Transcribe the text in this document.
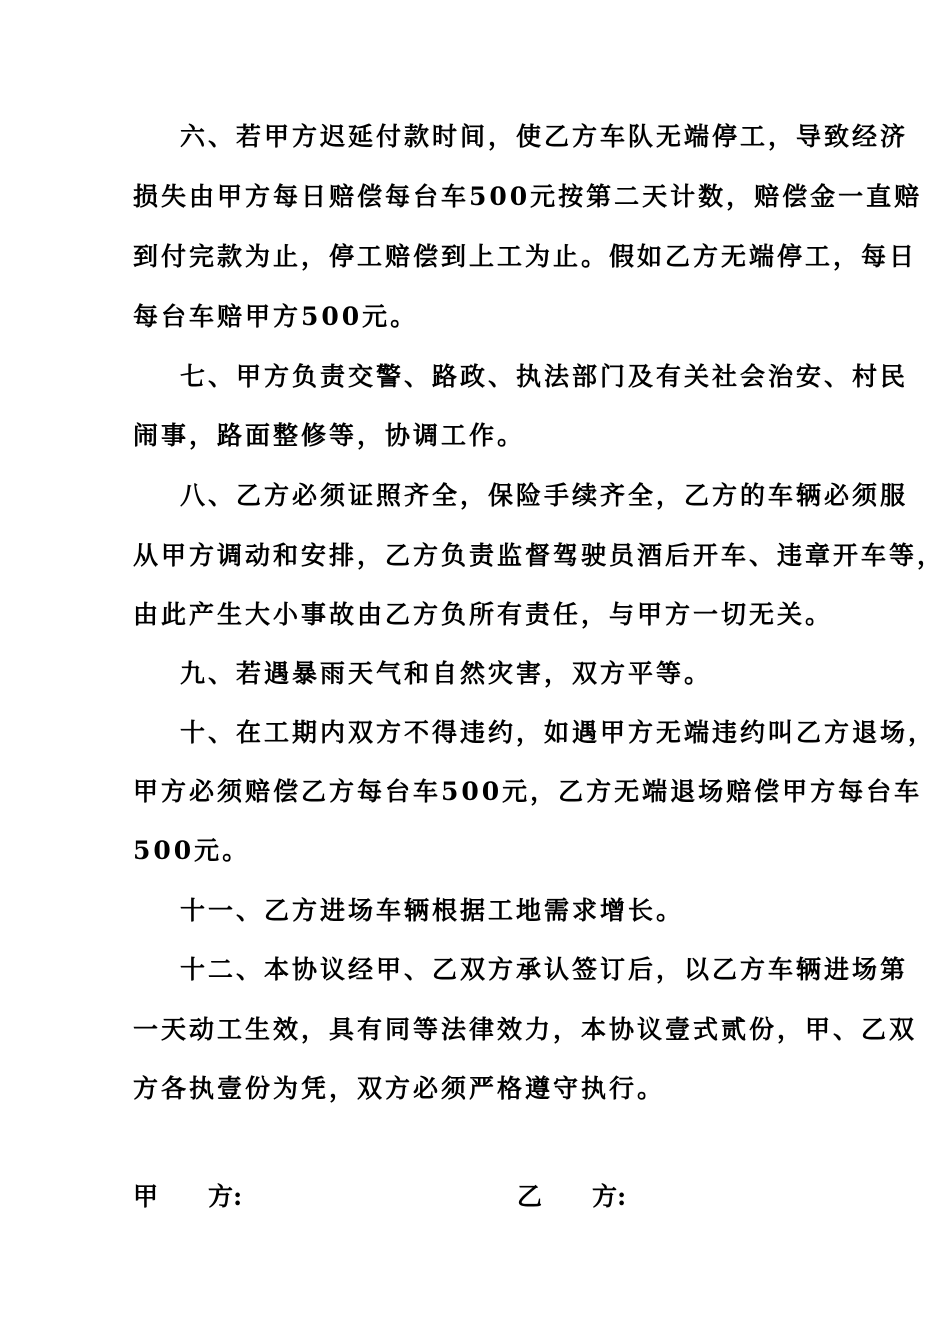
六、若甲方迟延付款时间，使乙方车队无端停工，导致经济
损失由甲方每日赔偿每台车500元按第二天计数，赔偿金一直赔
到付完款为止，停工赔偿到上工为止。假如乙方无端停工，每日
每台车赔甲方500元。
七、甲方负责交警、路政、执法部门及有关社会治安、村民
闹事，路面整修等，协调工作。
八、乙方必须证照齐全，保险手续齐全，乙方的车辆必须服
从甲方调动和安排，乙方负责监督驾驶员酒后开车、违章开车等，
由此产生大小事故由乙方负所有责任，与甲方一切无关。
九、若遇暴雨天气和自然灾害，双方平等。
十、在工期内双方不得违约，如遇甲方无端违约叫乙方退场，
甲方必须赔偿乙方每台车500元，乙方无端退场赔偿甲方每台车
500元。
十一、乙方进场车辆根据工地需求增长。
十二、本协议经甲、乙双方承认签订后，以乙方车辆进场第
一天动工生效，具有同等法律效力，本协议壹式贰份，甲、乙双
方各执壹份为凭，双方必须严格遵守执行。
甲　　方:	乙　　方:
